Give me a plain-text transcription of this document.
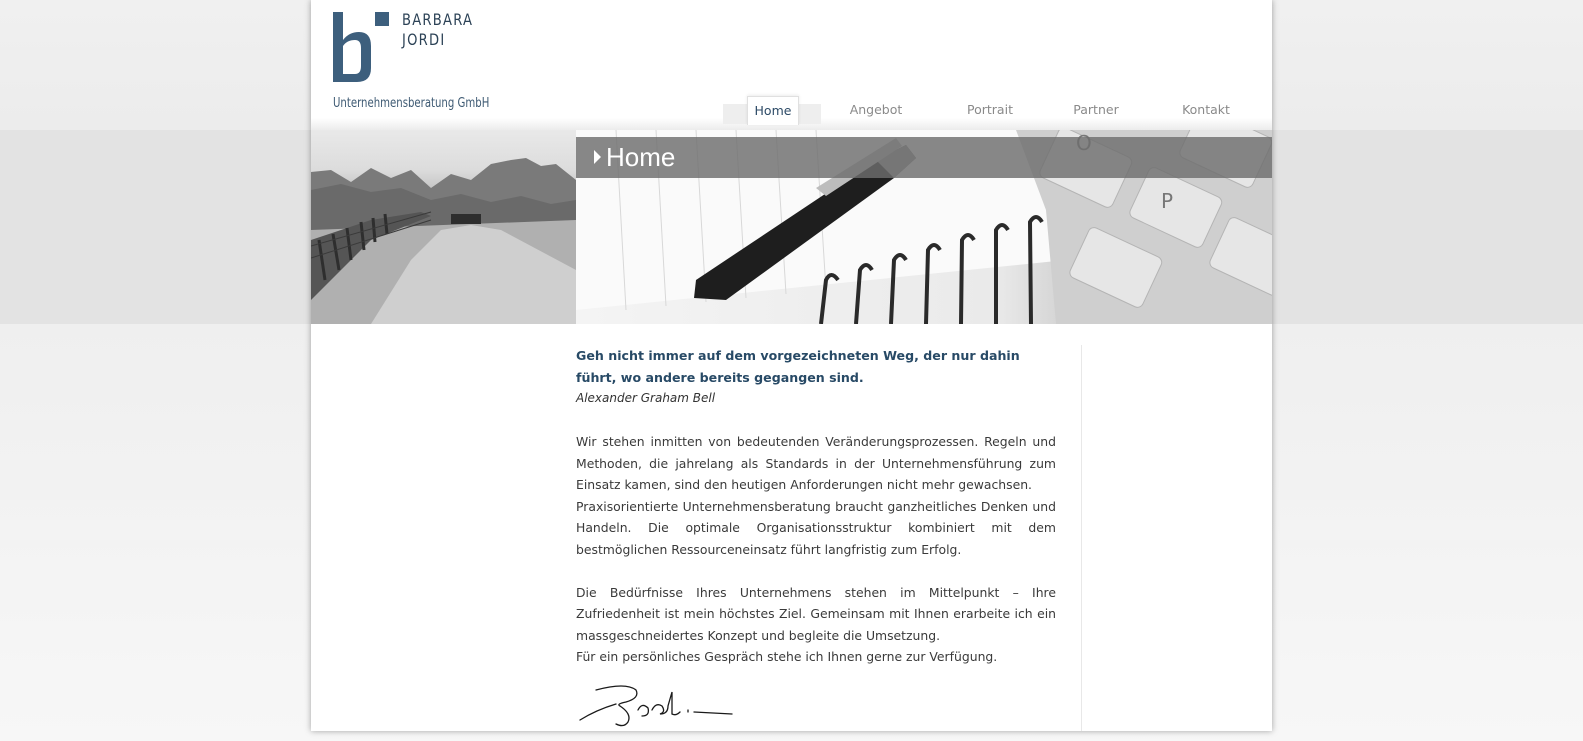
BARBARA
JORDI
Unternehmensberatung GmbH	Home	Angebot	Portrait	Partner	Kontakt
P
Home

Geh nicht immer auf dem vorgezeichneten Weg, der nur dahin führt, wo andere bereits gegangen sind.

Alexander Graham Bell

Wir stehen inmitten von bedeutenden Veränderungsprozessen. Regeln und Methoden, die jahrelang als Standards in der Unternehmensführung zum Einsatz kamen, sind den heutigen Anforderungen nicht mehr gewachsen.

Praxisorientierte Unternehmensberatung braucht ganzheitliches Denken und Handeln. Die optimale Organisationsstruktur kombiniert mit dem bestmöglichen Ressourceneinsatz führt langfristig zum Erfolg.

Die Bedürfnisse Ihres Unternehmens stehen im Mittelpunkt – Ihre Zufriedenheit ist mein höchstes Ziel. Gemeinsam mit Ihnen erarbeite ich ein massgeschneidertes Konzept und begleite die Umsetzung.

Für ein persönliches Gespräch stehe ich Ihnen gerne zur Verfügung.
